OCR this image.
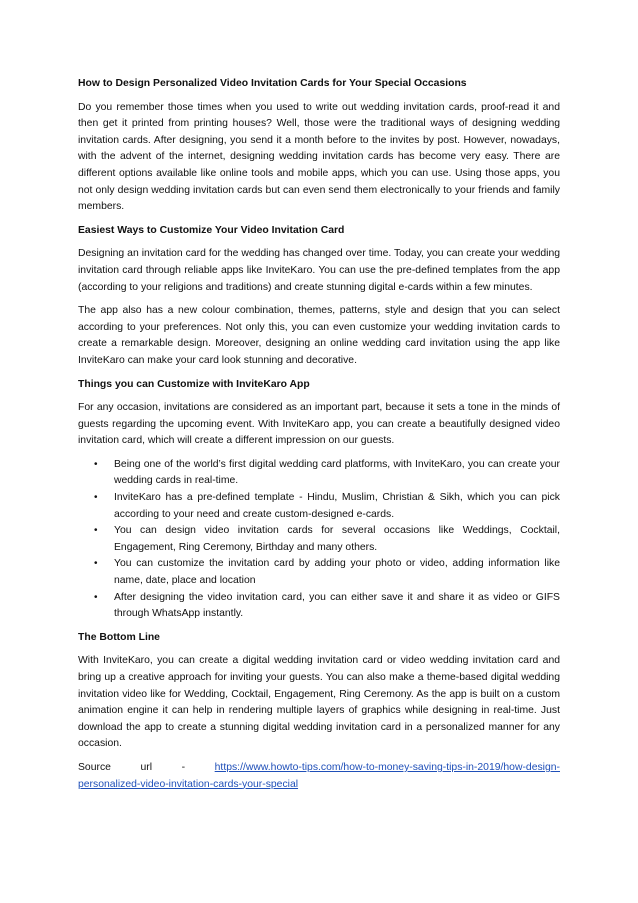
How to Design Personalized Video Invitation Cards for Your Special Occasions

Do you remember those times when you used to write out wedding invitation cards, proof-read it and then get it printed from printing houses? Well, those were the traditional ways of designing wedding invitation cards. After designing, you send it a month before to the invites by post. However, nowadays, with the advent of the internet, designing wedding invitation cards has become very easy. There are different options available like online tools and mobile apps, which you can use. Using those apps, you not only design wedding invitation cards but can even send them electronically to your friends and family members.

Easiest Ways to Customize Your Video Invitation Card

Designing an invitation card for the wedding has changed over time. Today, you can create your wedding invitation card through reliable apps like InviteKaro. You can use the pre-defined templates from the app (according to your religions and traditions) and create stunning digital e-cards within a few minutes.

The app also has a new colour combination, themes, patterns, style and design that you can select according to your preferences. Not only this, you can even customize your wedding invitation cards to create a remarkable design. Moreover, designing an online wedding card invitation using the app like InviteKaro can make your card look stunning and decorative.

Things you can Customize with InviteKaro App

For any occasion, invitations are considered as an important part, because it sets a tone in the minds of guests regarding the upcoming event. With InviteKaro app, you can create a beautifully designed video invitation card, which will create a different impression on our guests.

• Being one of the world’s first digital wedding card platforms, with InviteKaro, you can create your wedding cards in real-time.
• InviteKaro has a pre-defined template - Hindu, Muslim, Christian & Sikh, which you can pick according to your need and create custom-designed e-cards.
• You can design video invitation cards for several occasions like Weddings, Cocktail, Engagement, Ring Ceremony, Birthday and many others.
• You can customize the invitation card by adding your photo or video, adding information like name, date, place and location
• After designing the video invitation card, you can either save it and share it as video or GIFS through WhatsApp instantly.
The Bottom Line

With InviteKaro, you can create a digital wedding invitation card or video wedding invitation card and bring up a creative approach for inviting your guests. You can also make a theme-based digital wedding invitation video like for Wedding, Cocktail, Engagement, Ring Ceremony. As the app is built on a custom animation engine it can help in rendering multiple layers of graphics while designing in real-time. Just download the app to create a stunning digital wedding invitation card in a personalized manner for any occasion.

Source	url	-	https://www.howto-tips.com/how-to-money-saving-tips-in-2019/how-design-
personalized-video-invitation-cards-your-special
